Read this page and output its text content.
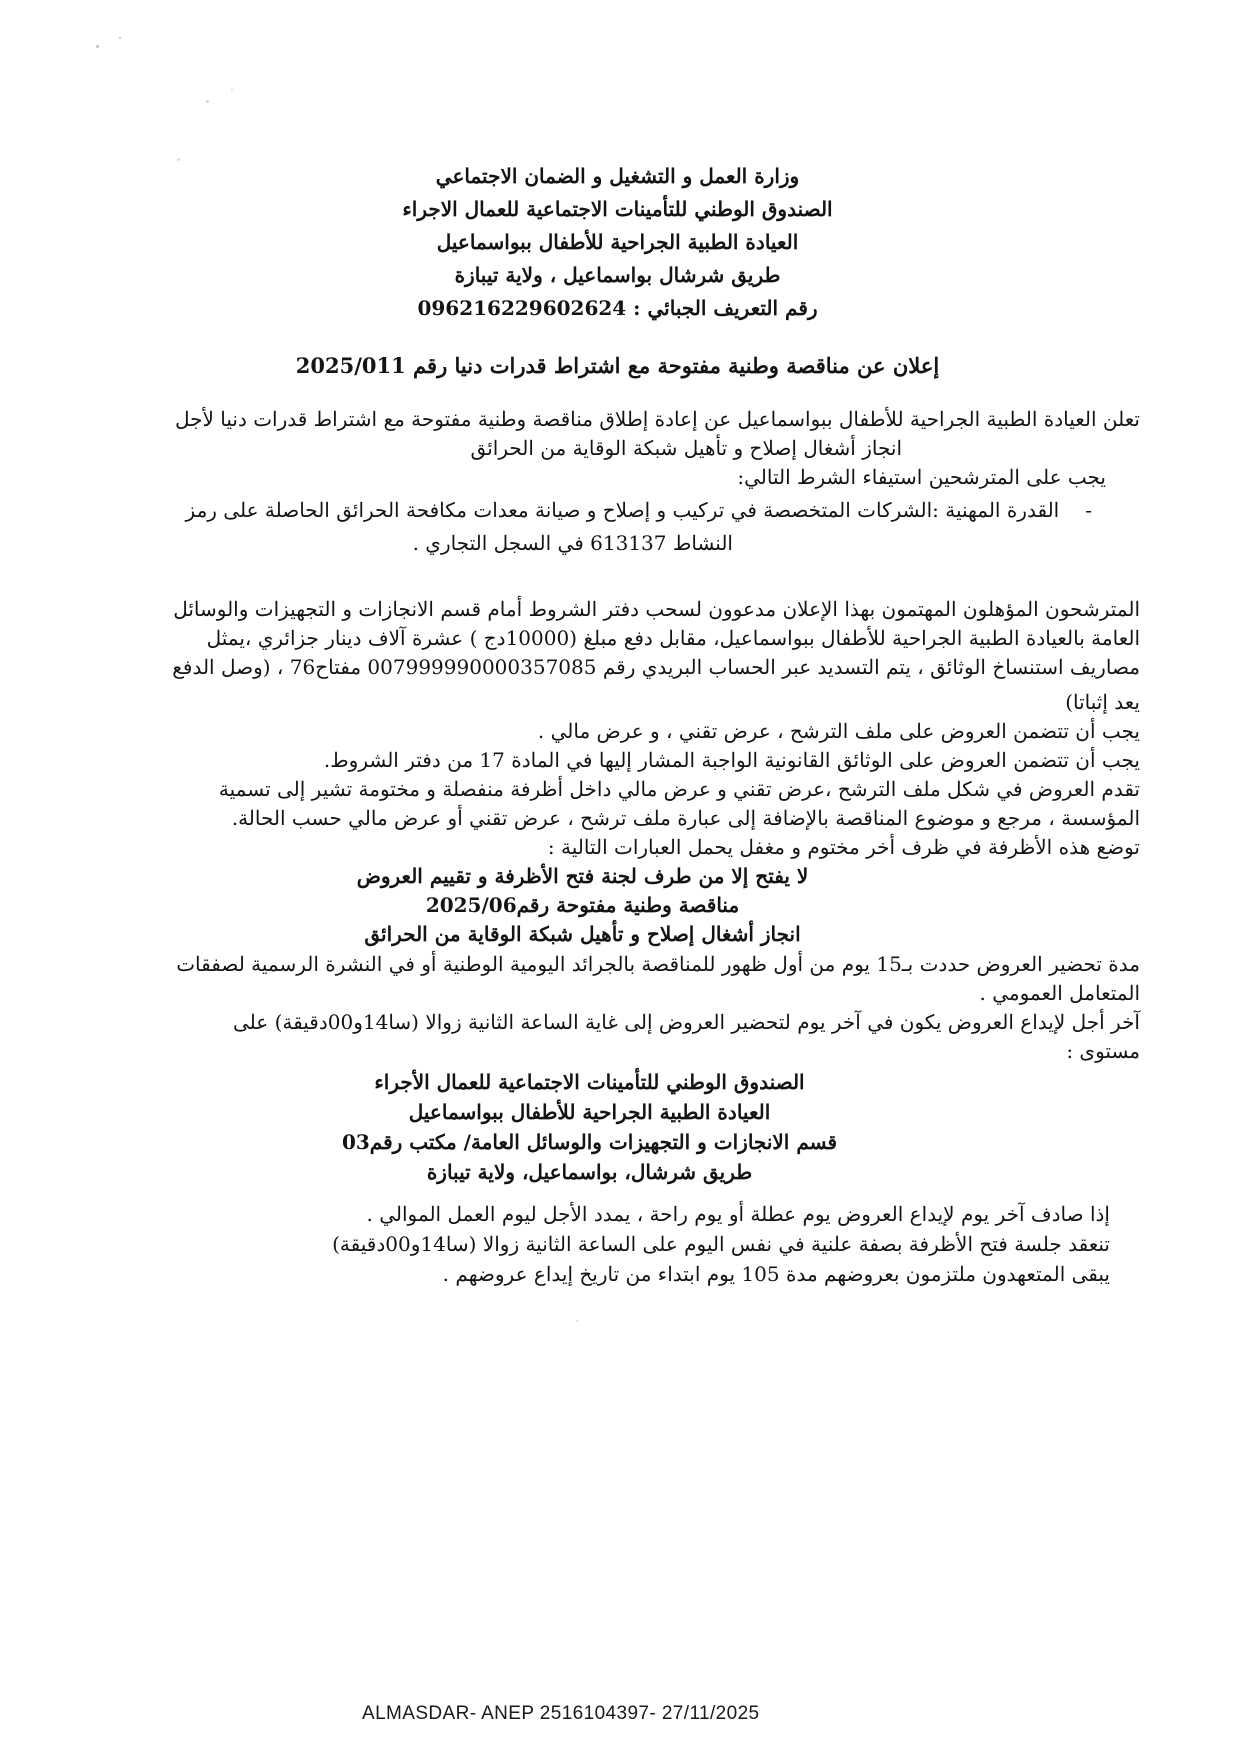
وزارة العمل و التشغيل و الضمان الاجتماعي
الصندوق الوطني للتأمينات الاجتماعية للعمال الاجراء
العيادة الطبية الجراحية للأطفال ببواسماعيل
طريق شرشال بواسماعيل ، ولاية تيبازة
رقم التعريف الجبائي : 096216229602624
إعلان عن مناقصة وطنية مفتوحة مع اشتراط قدرات دنيا رقم 2025/011
تعلن العيادة الطبية الجراحية للأطفال ببواسماعيل عن إعادة إطلاق مناقصة وطنية مفتوحة مع اشتراط قدرات دنيا لأجل
انجاز أشغال إصلاح و تأهيل شبكة الوقاية من الحرائق
يجب على المترشحين استيفاء الشرط التالي:
-
القدرة المهنية :الشركات المتخصصة في تركيب و إصلاح و صيانة معدات مكافحة الحرائق الحاصلة على رمز
النشاط 613137 في السجل التجاري .
المترشحون المؤهلون المهتمون بهذا الإعلان مدعوون لسحب دفتر الشروط أمام قسم الانجازات و التجهيزات والوسائل
العامة بالعيادة الطبية الجراحية للأطفال ببواسماعيل، مقابل دفع مبلغ (10000دج ) عشرة آلاف دينار جزائري ،يمثل
مصاريف استنساخ الوثائق ، يتم التسديد عبر الحساب البريدي رقم 007999990000357085 مفتاح76 ، (وصل الدفع
يعد إثباتا)
يجب أن تتضمن العروض على ملف الترشح ، عرض تقني ، و عرض مالي .
يجب أن تتضمن العروض على الوثائق القانونية الواجبة المشار إليها في المادة 17 من دفتر الشروط.
تقدم العروض في شكل ملف الترشح ،عرض تقني و عرض مالي داخل أظرفة منفصلة و مختومة تشير إلى تسمية
المؤسسة ، مرجع و موضوع المناقصة بالإضافة إلى عبارة ملف ترشح ، عرض تقني أو عرض مالي حسب الحالة.
توضع هذه الأظرفة في ظرف أخر مختوم و مغفل يحمل العبارات التالية :
لا يفتح إلا من طرف لجنة فتح الأظرفة و تقييم العروض
مناقصة وطنية مفتوحة رقم2025/06
انجاز أشغال إصلاح و تأهيل شبكة الوقاية من الحرائق
مدة تحضير العروض حددت بـ15 يوم من أول ظهور للمناقصة بالجرائد اليومية الوطنية أو في النشرة الرسمية لصفقات
المتعامل العمومي .
آخر أجل لإيداع العروض يكون في آخر يوم لتحضير العروض إلى غاية الساعة الثانية زوالا (سا14و00دقيقة) على
مستوى :
الصندوق الوطني للتأمينات الاجتماعية للعمال الأجراء
العيادة الطبية الجراحية للأطفال ببواسماعيل
قسم الانجازات و التجهيزات والوسائل العامة/ مكتب رقم03
طريق شرشال، بواسماعيل، ولاية تيبازة
إذا صادف آخر يوم لإيداع العروض يوم عطلة أو يوم راحة ، يمدد الأجل ليوم العمل الموالي .
تنعقد جلسة فتح الأظرفة بصفة علنية في نفس اليوم على الساعة الثانية زوالا (سا14و00دقيقة)
يبقى المتعهدون ملتزمون بعروضهم مدة 105 يوم ابتداء من تاريخ إيداع عروضهم .
ALMASDAR- ANEP 2516104397- 27/11/2025
